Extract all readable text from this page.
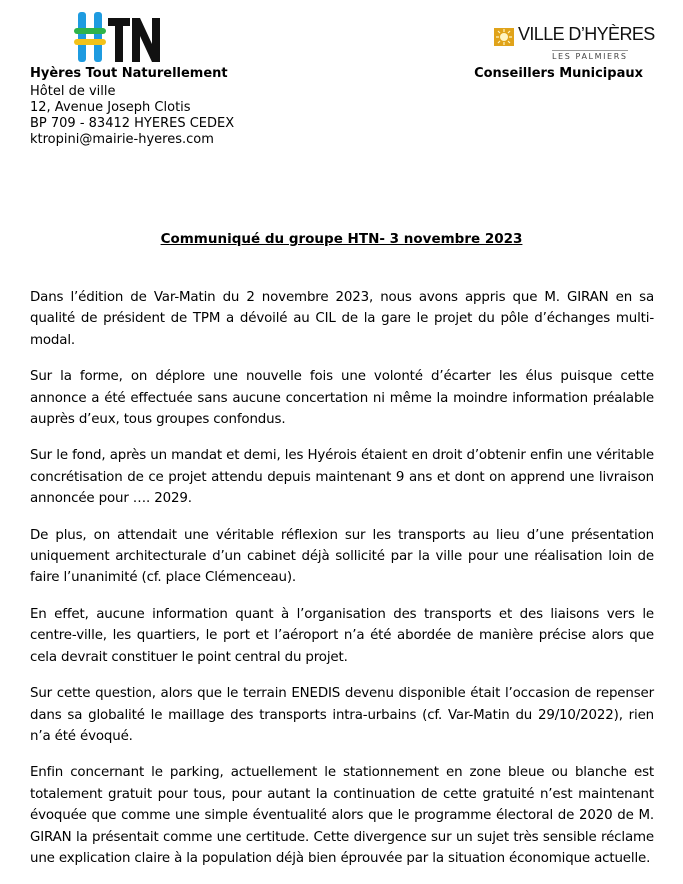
Hyères Tout Naturellement
Hôtel de ville
12, Avenue Joseph Clotis
BP 709 - 83412 HYERES CEDEX
ktropini@mairie-hyeres.com
VILLE D’HYÈRES
LES PALMIERS
Conseillers Municipaux
Communiqué du groupe HTN- 3 novembre 2023

Dans l’édition de Var-Matin du 2 novembre 2023, nous avons appris que M. GIRAN en sa qualité de président de TPM a dévoilé au CIL de la gare le projet du pôle d’échanges multi-modal.

Sur la forme, on déplore une nouvelle fois une volonté d’écarter les élus puisque cette annonce a été effectuée sans aucune concertation ni même la moindre information préalable auprès d’eux, tous groupes confondus.

Sur le fond, après un mandat et demi, les Hyérois étaient en droit d’obtenir enfin une véritable concrétisation de ce projet attendu depuis maintenant 9 ans et dont on apprend une livraison annoncée pour …. 2029.

De plus, on attendait une véritable réflexion sur les transports au lieu d’une présentation uniquement architecturale d’un cabinet déjà sollicité par la ville pour une réalisation loin de faire l’unanimité (cf. place Clémenceau).

En effet, aucune information quant à l’organisation des transports et des liaisons vers le centre-ville, les quartiers, le port et l’aéroport n’a été abordée de manière précise alors que cela devrait constituer le point central du projet.

Sur cette question, alors que le terrain ENEDIS devenu disponible était l’occasion de repenser dans sa globalité le maillage des transports intra-urbains (cf. Var-Matin du 29/10/2022), rien n’a été évoqué.

Enfin concernant le parking, actuellement le stationnement en zone bleue ou blanche est totalement gratuit pour tous, pour autant la continuation de cette gratuité n’est maintenant évoquée que comme une simple éventualité alors que le programme électoral de 2020 de M. GIRAN la présentait comme une certitude. Cette divergence sur un sujet très sensible réclame une explication claire à la population déjà bien éprouvée par la situation économique actuelle.
